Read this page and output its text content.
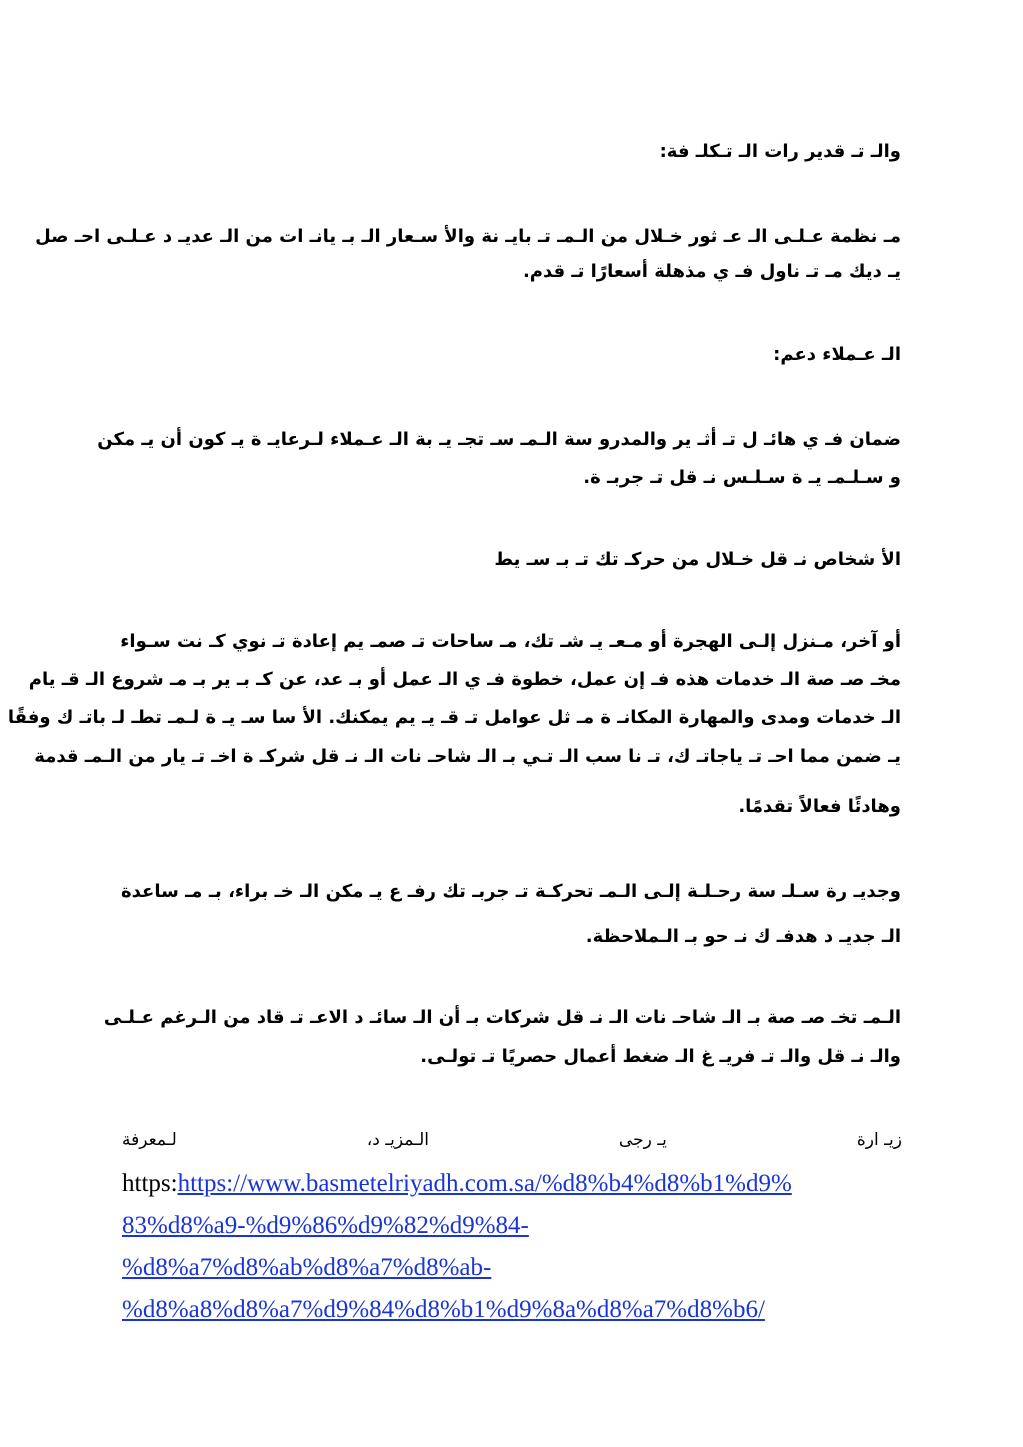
والـ تـ قدير رات الـ تـكلـ فة:
مـ نظمة عـلـى الـ عـ ثور خـلال من الـمـ تـ بايـ نة والأ سـعار الـ بـ يانـ ات من الـ عديـ د عـلـى احـ صل
يـ ديك مـ تـ ناول فـ ي مذهلة أسعارًا تـ قدم.
الـ عـملاء دعم:
ضمان فـ ي هائـ ل تـ أثـ ير والمدرو سة الـمـ سـ تجـ يـ بة الـ عـملاء لـرعايـ ة يـ كون أن يـ مكن
و سـلـمـ يـ ة سـلـس نـ قل تـ جربـ ة.
الأ شخاص نـ قل خـلال من حركـ تك تـ بـ سـ يط
أو آخر، مـنزل إلـى الهجرة أو مـعـ يـ شـ تك، مـ ساحات تـ صمـ يم إعادة تـ نوي كـ نت سـواء
مخـ صـ صة الـ خدمات هذه فـ إن عمل، خطوة فـ ي الـ عمل أو بـ عد، عن كـ بـ ير بـ مـ شروع الـ قـ يام
الـ خدمات ومدى والمهارة المكانـ ة مـ ثل عوامل تـ قـ يـ يم يمكنك. الأ سا سـ يـ ة لـمـ تطـ لـ باتـ ك وفقًا
يـ ضمن مما احـ تـ ياجاتـ ك، تـ نا سب الـ تـي بـ الـ شاحـ نات الـ نـ قل شركـ ة اخـ تـ يار من الـمـ قدمة
وهادئًا فعالاً تقدمًا.
وجديـ رة سـلـ سة رحـلـة إلـى الـمـ تحركـة تـ جربـ تك رفـ ع يـ مكن الـ خـ براء، بـ مـ ساعدة
الـ جديـ د هدفـ ك نـ حو بـ الـملاحظة.
الـمـ تخـ صـ صة بـ الـ شاحـ نات الـ نـ قل شركات بـ أن الـ سائـ د الاعـ تـ قاد من الـرغم عـلـى
والـ نـ قل والـ تـ فريـ غ الـ ضغط أعمال حصريًا تـ تولـى.
زيـ ارة
يـ رجى
الـمزيـ د،
لـمعرفة
https:https://www.basmetelriyadh.com.sa/%d8%b4%d8%b1%d9%
83%d8%a9-%d9%86%d9%82%d9%84-
%d8%a7%d8%ab%d8%a7%d8%ab-
%d8%a8%d8%a7%d9%84%d8%b1%d9%8a%d8%a7%d8%b6/
